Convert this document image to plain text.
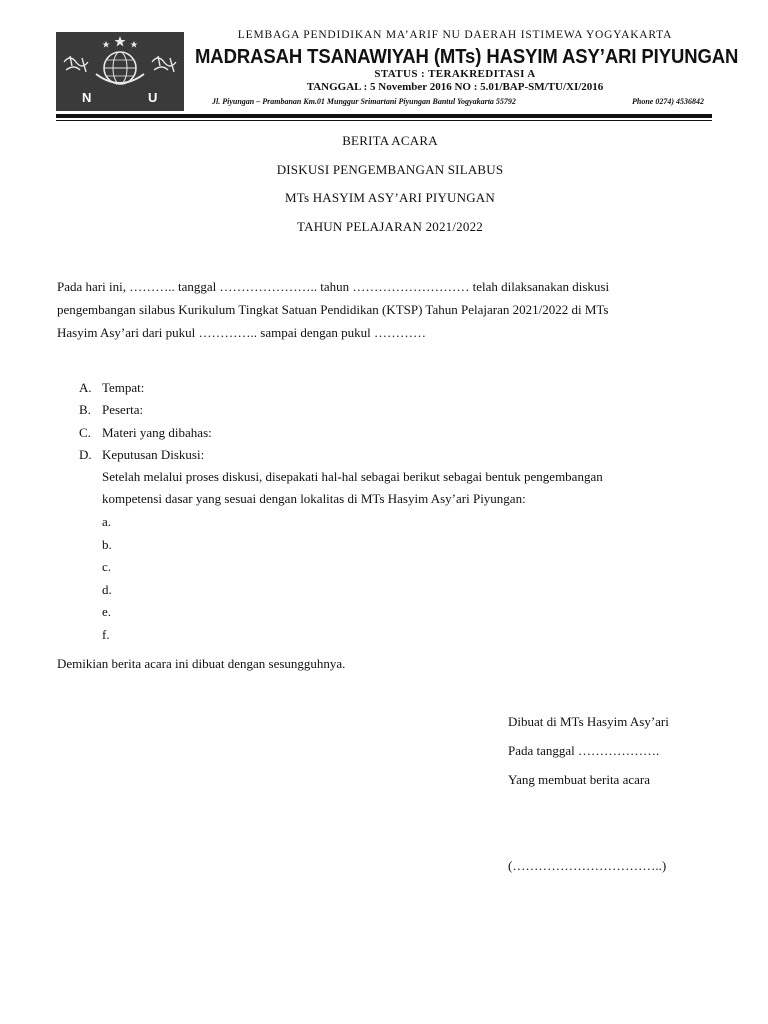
N	U
LEMBAGA PENDIDIKAN MA’ARIF NU DAERAH ISTIMEWA YOGYAKARTA
MADRASAH TSANAWIYAH (MTs) HASYIM ASY’ARI PIYUNGAN
STATUS : TERAKREDITASI A
TANGGAL : 5 November 2016 NO : 5.01/BAP-SM/TU/XI/2016
Jl. Piyungan – Prambanan Km.01 Munggur Srimartani Piyungan Bantul Yogyakarta 55792	Phone 0274) 4536842
BERITA ACARA
DISKUSI PENGEMBANGAN SILABUS
MTs HASYIM ASY’ARI PIYUNGAN
TAHUN PELAJARAN 2021/2022
Pada hari ini, ……….. tanggal ………………….. tahun ……………………… telah dilaksanakan diskusi
pengembangan silabus Kurikulum Tingkat Satuan Pendidikan (KTSP) Tahun Pelajaran 2021/2022 di MTs
Hasyim Asy’ari dari pukul ………….. sampai dengan pukul …………
A. Tempat:
B. Peserta:
C. Materi yang dibahas:
D. Keputusan Diskusi:
Setelah melalui proses diskusi, disepakati hal-hal sebagai berikut sebagai bentuk pengembangan
kompetensi dasar yang sesuai dengan lokalitas di MTs Hasyim Asy’ari Piyungan:
a.
b.
c.
d.
e.
f.
Demikian berita acara ini dibuat dengan sesungguhnya.
Dibuat di MTs Hasyim Asy’ari
Pada tanggal ……………….
Yang membuat berita acara
(……………………………..)
